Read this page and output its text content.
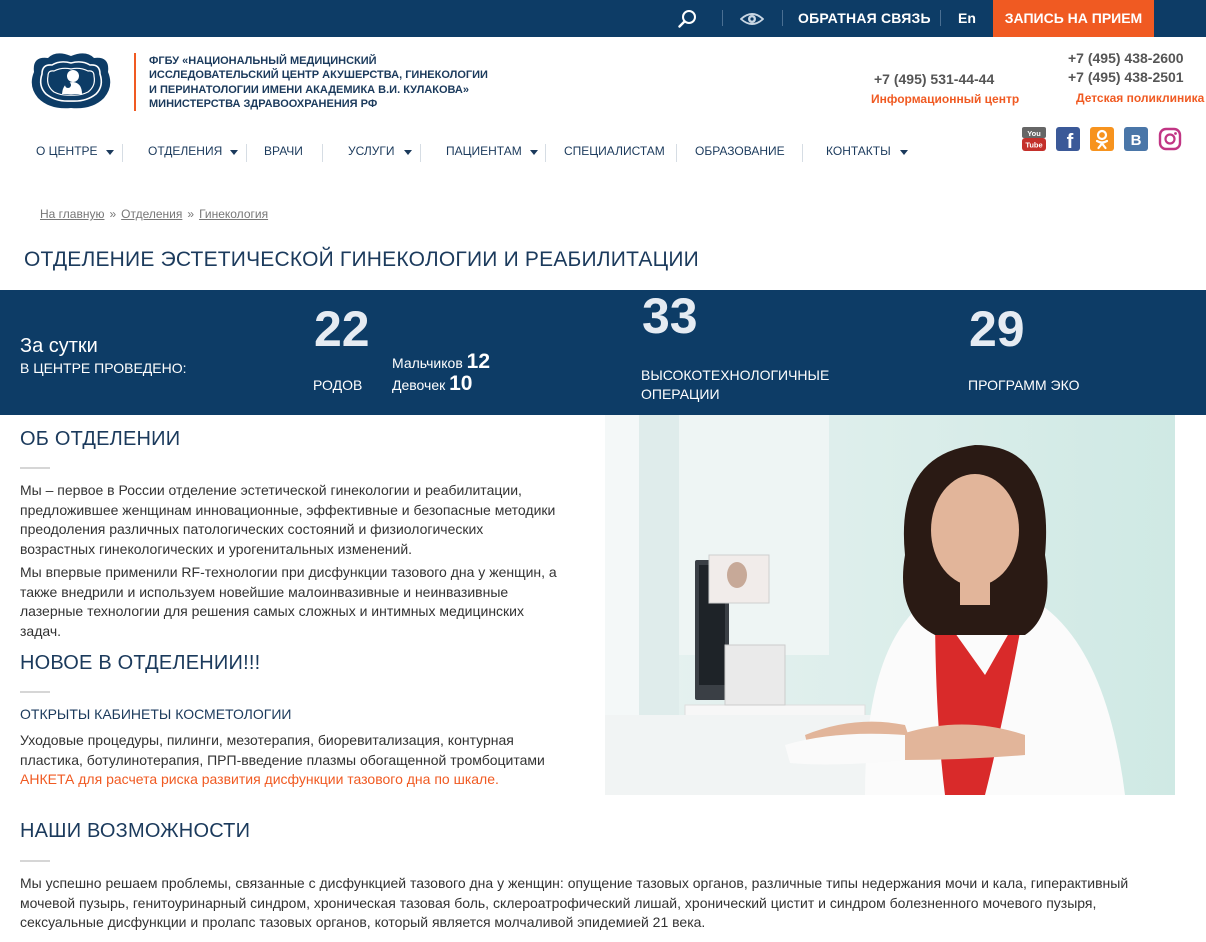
ОБРАТНАЯ СВЯЗЬ En	ЗАПИСЬ НА ПРИЕМ
ФГБУ «НАЦИОНАЛЬНЫЙ МЕДИЦИНСКИЙ
ИССЛЕДОВАТЕЛЬСКИЙ ЦЕНТР АКУШЕРСТВА, ГИНЕКОЛОГИИ
И ПЕРИНАТОЛОГИИ ИМЕНИ АКАДЕМИКА В.И. КУЛАКОВА»
МИНИСТЕРСТВА ЗДРАВООХРАНЕНИЯ РФ
+7 (495) 531-44-44
Информационный центр
+7 (495) 438-2600
+7 (495) 438-2501
Детская поликлиника
О ЦЕНТРЕ	ОТДЕЛЕНИЯ	ВРАЧИ	УСЛУГИ	ПАЦИЕНТАМ	СПЕЦИАЛИСТАМ	ОБРАЗОВАНИЕ	КОНТАКТЫ
You
Tube f	B
На главную » Отделения » Гинекология
ОТДЕЛЕНИЕ ЭСТЕТИЧЕСКОЙ ГИНЕКОЛОГИИ И РЕАБИЛИТАЦИИ
За сутки
В ЦЕНТРЕ ПРОВЕДЕНО:
22
РОДОВ
Мальчиков 12
Девочек 10
33
ВЫСОКОТЕХНОЛОГИЧНЫЕ
ОПЕРАЦИИ
29
ПРОГРАММ ЭКО
ОБ ОТДЕЛЕНИИ
Мы – первое в России отделение эстетической гинекологии и реабилитации,
предложившее женщинам инновационные, эффективные и безопасные методики
преодоления различных патологических состояний и физиологических
возрастных гинекологических и урогенитальных изменений.
Мы впервые применили RF-технологии при дисфункции тазового дна у женщин, а
также внедрили и используем новейшие малоинвазивные и неинвазивные
лазерные технологии для решения самых сложных и интимных медицинских
задач.
НОВОЕ В ОТДЕЛЕНИИ!!!
ОТКРЫТЫ КАБИНЕТЫ КОСМЕТОЛОГИИ
Уходовые процедуры, пилинги, мезотерапия, биоревитализация, контурная
пластика, ботулинотерапия, ПРП-введение плазмы обогащенной тромбоцитами
АНКЕТА для расчета риска развития дисфункции тазового дна по шкале.
НАШИ ВОЗМОЖНОСТИ
Мы успешно решаем проблемы, связанные с дисфункцией тазового дна у женщин: опущение тазовых органов, различные типы недержания мочи и кала, гиперактивный
мочевой пузырь, генитоуринарный синдром, хроническая тазовая боль, склероатрофический лишай, хронический цистит и синдром болезненного мочевого пузыря,
сексуальные дисфункции и пролапс тазовых органов, который является молчаливой эпидемией 21 века.
